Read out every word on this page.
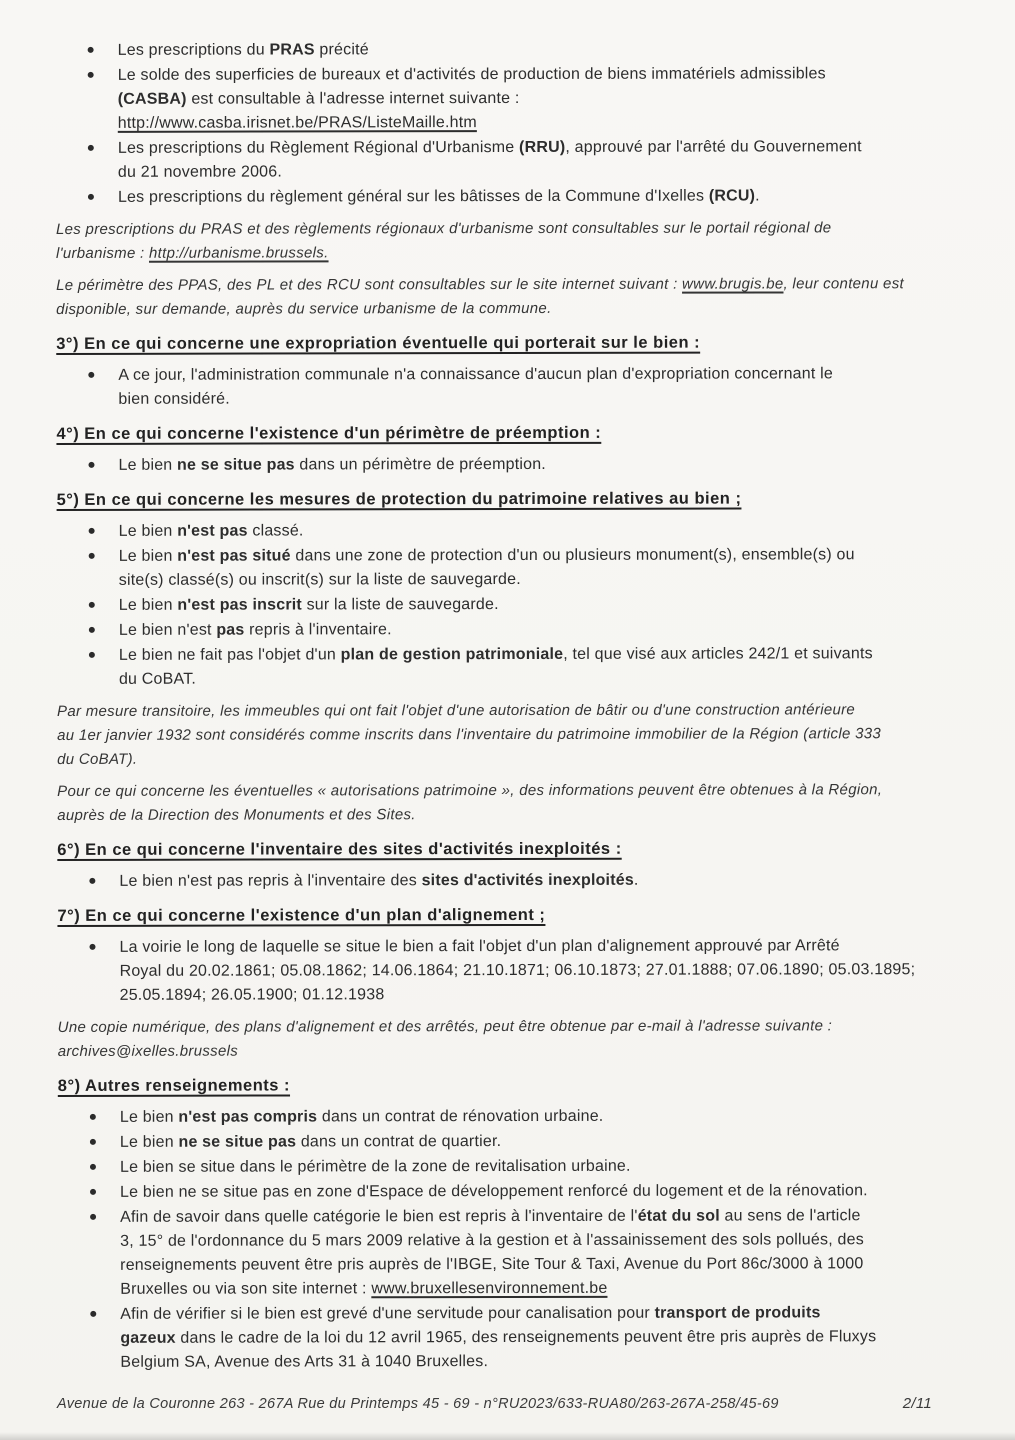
Les prescriptions du PRAS précité
Le solde des superficies de bureaux et d'activités de production de biens immatériels admissibles
(CASBA) est consultable à l'adresse internet suivante :
http://www.casba.irisnet.be/PRAS/ListeMaille.htm
Les prescriptions du Règlement Régional d'Urbanisme (RRU), approuvé par l'arrêté du Gouvernement
du 21 novembre 2006.
Les prescriptions du règlement général sur les bâtisses de la Commune d'Ixelles (RCU).

Les prescriptions du PRAS et des règlements régionaux d'urbanisme sont consultables sur le portail régional de
l'urbanisme : http://urbanisme.brussels.

Le périmètre des PPAS, des PL et des RCU sont consultables sur le site internet suivant : www.brugis.be, leur contenu est
disponible, sur demande, auprès du service urbanisme de la commune.

3°) En ce qui concerne une expropriation éventuelle qui porterait sur le bien :

A ce jour, l'administration communale n'a connaissance d'aucun plan d'expropriation concernant le
bien considéré.

4°) En ce qui concerne l'existence d'un périmètre de préemption :

Le bien ne se situe pas dans un périmètre de préemption.

5°) En ce qui concerne les mesures de protection du patrimoine relatives au bien ;

Le bien n'est pas classé.
Le bien n'est pas situé dans une zone de protection d'un ou plusieurs monument(s), ensemble(s) ou
site(s) classé(s) ou inscrit(s) sur la liste de sauvegarde.
Le bien n'est pas inscrit sur la liste de sauvegarde.
Le bien n'est pas repris à l'inventaire.
Le bien ne fait pas l'objet d'un plan de gestion patrimoniale, tel que visé aux articles 242/1 et suivants
du CoBAT.

Par mesure transitoire, les immeubles qui ont fait l'objet d'une autorisation de bâtir ou d'une construction antérieure
au 1er janvier 1932 sont considérés comme inscrits dans l'inventaire du patrimoine immobilier de la Région (article 333
du CoBAT).

Pour ce qui concerne les éventuelles « autorisations patrimoine », des informations peuvent être obtenues à la Région,
auprès de la Direction des Monuments et des Sites.

6°) En ce qui concerne l'inventaire des sites d'activités inexploités :

Le bien n'est pas repris à l'inventaire des sites d'activités inexploités.

7°) En ce qui concerne l'existence d'un plan d'alignement ;

La voirie le long de laquelle se situe le bien a fait l'objet d'un plan d'alignement approuvé par Arrêté
Royal du 20.02.1861; 05.08.1862; 14.06.1864; 21.10.1871; 06.10.1873; 27.01.1888; 07.06.1890; 05.03.1895;
25.05.1894; 26.05.1900; 01.12.1938

Une copie numérique, des plans d'alignement et des arrêtés, peut être obtenue par e-mail à l'adresse suivante :
archives@ixelles.brussels

8°) Autres renseignements :

Le bien n'est pas compris dans un contrat de rénovation urbaine.
Le bien ne se situe pas dans un contrat de quartier.
Le bien se situe dans le périmètre de la zone de revitalisation urbaine.
Le bien ne se situe pas en zone d'Espace de développement renforcé du logement et de la rénovation.
Afin de savoir dans quelle catégorie le bien est repris à l'inventaire de l'état du sol au sens de l'article
3, 15° de l'ordonnance du 5 mars 2009 relative à la gestion et à l'assainissement des sols pollués, des
renseignements peuvent être pris auprès de l'IBGE, Site Tour & Taxi, Avenue du Port 86c/3000 à 1000
Bruxelles ou via son site internet : www.bruxellesenvironnement.be
Afin de vérifier si le bien est grevé d'une servitude pour canalisation pour transport de produits
gazeux dans le cadre de la loi du 12 avril 1965, des renseignements peuvent être pris auprès de Fluxys
Belgium SA, Avenue des Arts 31 à 1040 Bruxelles.
Avenue de la Couronne 263 - 267A Rue du Printemps 45 - 69 - n°RU2023/633-RUA80/263-267A-258/45-69	2/11
